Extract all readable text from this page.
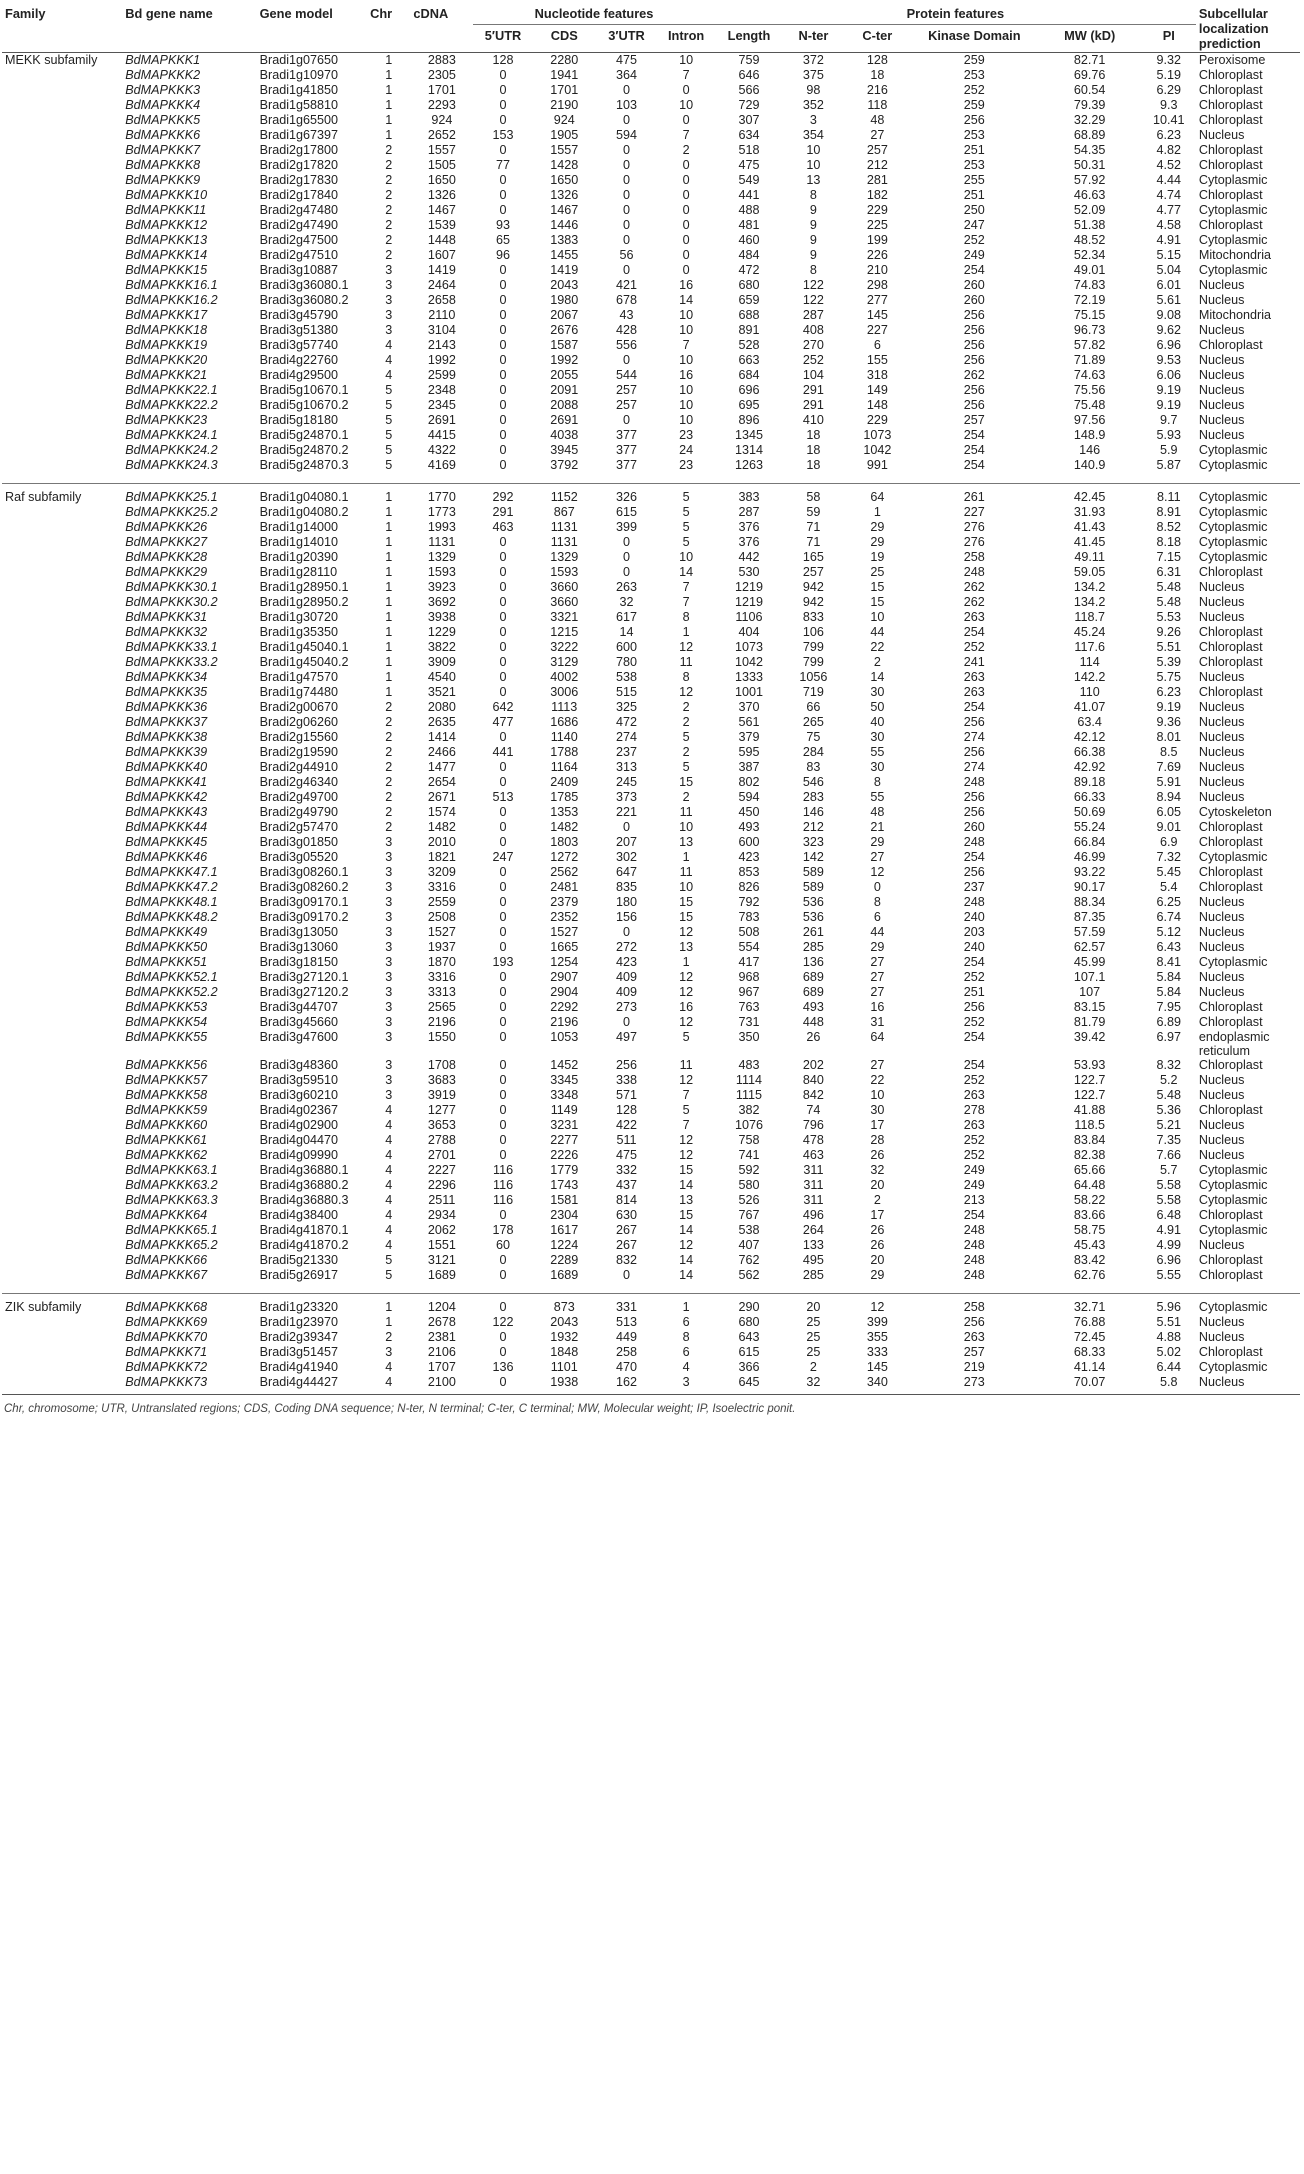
Family	Bd gene name	Gene model	Chr	cDNA	Nucleotide features				Protein features						Subcellular localization prediction
					5′UTR	CDS	3′UTR	Intron	Length	N-ter	C-ter	Kinase Domain	MW (kD)	PI	

MEKK subfamily	BdMAPKKK1	Bradi1g07650	1	2883	128	2280	475	10	759	372	128	259	82.71	9.32	Peroxisome
	BdMAPKKK2	Bradi1g10970	1	2305	0	1941	364	7	646	375	18	253	69.76	5.19	Chloroplast
	BdMAPKKK3	Bradi1g41850	1	1701	0	1701	0	0	566	98	216	252	60.54	6.29	Chloroplast
	BdMAPKKK4	Bradi1g58810	1	2293	0	2190	103	10	729	352	118	259	79.39	9.3	Chloroplast
	BdMAPKKK5	Bradi1g65500	1	924	0	924	0	0	307	3	48	256	32.29	10.41	Chloroplast
	BdMAPKKK6	Bradi1g67397	1	2652	153	1905	594	7	634	354	27	253	68.89	6.23	Nucleus
	BdMAPKKK7	Bradi2g17800	2	1557	0	1557	0	2	518	10	257	251	54.35	4.82	Chloroplast
	BdMAPKKK8	Bradi2g17820	2	1505	77	1428	0	0	475	10	212	253	50.31	4.52	Chloroplast
	BdMAPKKK9	Bradi2g17830	2	1650	0	1650	0	0	549	13	281	255	57.92	4.44	Cytoplasmic
	BdMAPKKK10	Bradi2g17840	2	1326	0	1326	0	0	441	8	182	251	46.63	4.74	Chloroplast
	BdMAPKKK11	Bradi2g47480	2	1467	0	1467	0	0	488	9	229	250	52.09	4.77	Cytoplasmic
	BdMAPKKK12	Bradi2g47490	2	1539	93	1446	0	0	481	9	225	247	51.38	4.58	Chloroplast
	BdMAPKKK13	Bradi2g47500	2	1448	65	1383	0	0	460	9	199	252	48.52	4.91	Cytoplasmic
	BdMAPKKK14	Bradi2g47510	2	1607	96	1455	56	0	484	9	226	249	52.34	5.15	Mitochondria
	BdMAPKKK15	Bradi3g10887	3	1419	0	1419	0	0	472	8	210	254	49.01	5.04	Cytoplasmic
	BdMAPKKK16.1	Bradi3g36080.1	3	2464	0	2043	421	16	680	122	298	260	74.83	6.01	Nucleus
	BdMAPKKK16.2	Bradi3g36080.2	3	2658	0	1980	678	14	659	122	277	260	72.19	5.61	Nucleus
	BdMAPKKK17	Bradi3g45790	3	2110	0	2067	43	10	688	287	145	256	75.15	9.08	Mitochondria
	BdMAPKKK18	Bradi3g51380	3	3104	0	2676	428	10	891	408	227	256	96.73	9.62	Nucleus
	BdMAPKKK19	Bradi3g57740	4	2143	0	1587	556	7	528	270	6	256	57.82	6.96	Chloroplast
	BdMAPKKK20	Bradi4g22760	4	1992	0	1992	0	10	663	252	155	256	71.89	9.53	Nucleus
	BdMAPKKK21	Bradi4g29500	4	2599	0	2055	544	16	684	104	318	262	74.63	6.06	Nucleus
	BdMAPKKK22.1	Bradi5g10670.1	5	2348	0	2091	257	10	696	291	149	256	75.56	9.19	Nucleus
	BdMAPKKK22.2	Bradi5g10670.2	5	2345	0	2088	257	10	695	291	148	256	75.48	9.19	Nucleus
	BdMAPKKK23	Bradi5g18180	5	2691	0	2691	0	10	896	410	229	257	97.56	9.7	Nucleus
	BdMAPKKK24.1	Bradi5g24870.1	5	4415	0	4038	377	23	1345	18	1073	254	148.9	5.93	Nucleus
	BdMAPKKK24.2	Bradi5g24870.2	5	4322	0	3945	377	24	1314	18	1042	254	146	5.9	Cytoplasmic
	BdMAPKKK24.3	Bradi5g24870.3	5	4169	0	3792	377	23	1263	18	991	254	140.9	5.87	Cytoplasmic

Raf subfamily	BdMAPKKK25.1	Bradi1g04080.1	1	1770	292	1152	326	5	383	58	64	261	42.45	8.11	Cytoplasmic
	BdMAPKKK25.2	Bradi1g04080.2	1	1773	291	867	615	5	287	59	1	227	31.93	8.91	Cytoplasmic
	BdMAPKKK26	Bradi1g14000	1	1993	463	1131	399	5	376	71	29	276	41.43	8.52	Cytoplasmic
	BdMAPKKK27	Bradi1g14010	1	1131	0	1131	0	5	376	71	29	276	41.45	8.18	Cytoplasmic
	BdMAPKKK28	Bradi1g20390	1	1329	0	1329	0	10	442	165	19	258	49.11	7.15	Cytoplasmic
	BdMAPKKK29	Bradi1g28110	1	1593	0	1593	0	14	530	257	25	248	59.05	6.31	Chloroplast
	BdMAPKKK30.1	Bradi1g28950.1	1	3923	0	3660	263	7	1219	942	15	262	134.2	5.48	Nucleus
	BdMAPKKK30.2	Bradi1g28950.2	1	3692	0	3660	32	7	1219	942	15	262	134.2	5.48	Nucleus
	BdMAPKKK31	Bradi1g30720	1	3938	0	3321	617	8	1106	833	10	263	118.7	5.53	Nucleus
	BdMAPKKK32	Bradi1g35350	1	1229	0	1215	14	1	404	106	44	254	45.24	9.26	Chloroplast
	BdMAPKKK33.1	Bradi1g45040.1	1	3822	0	3222	600	12	1073	799	22	252	117.6	5.51	Chloroplast
	BdMAPKKK33.2	Bradi1g45040.2	1	3909	0	3129	780	11	1042	799	2	241	114	5.39	Chloroplast
	BdMAPKKK34	Bradi1g47570	1	4540	0	4002	538	8	1333	1056	14	263	142.2	5.75	Nucleus
	BdMAPKKK35	Bradi1g74480	1	3521	0	3006	515	12	1001	719	30	263	110	6.23	Chloroplast
	BdMAPKKK36	Bradi2g00670	2	2080	642	1113	325	2	370	66	50	254	41.07	9.19	Nucleus
	BdMAPKKK37	Bradi2g06260	2	2635	477	1686	472	2	561	265	40	256	63.4	9.36	Nucleus
	BdMAPKKK38	Bradi2g15560	2	1414	0	1140	274	5	379	75	30	274	42.12	8.01	Nucleus
	BdMAPKKK39	Bradi2g19590	2	2466	441	1788	237	2	595	284	55	256	66.38	8.5	Nucleus
	BdMAPKKK40	Bradi2g44910	2	1477	0	1164	313	5	387	83	30	274	42.92	7.69	Nucleus
	BdMAPKKK41	Bradi2g46340	2	2654	0	2409	245	15	802	546	8	248	89.18	5.91	Nucleus
	BdMAPKKK42	Bradi2g49700	2	2671	513	1785	373	2	594	283	55	256	66.33	8.94	Nucleus
	BdMAPKKK43	Bradi2g49790	2	1574	0	1353	221	11	450	146	48	256	50.69	6.05	Cytoskeleton
	BdMAPKKK44	Bradi2g57470	2	1482	0	1482	0	10	493	212	21	260	55.24	9.01	Chloroplast
	BdMAPKKK45	Bradi3g01850	3	2010	0	1803	207	13	600	323	29	248	66.84	6.9	Chloroplast
	BdMAPKKK46	Bradi3g05520	3	1821	247	1272	302	1	423	142	27	254	46.99	7.32	Cytoplasmic
	BdMAPKKK47.1	Bradi3g08260.1	3	3209	0	2562	647	11	853	589	12	256	93.22	5.45	Chloroplast
	BdMAPKKK47.2	Bradi3g08260.2	3	3316	0	2481	835	10	826	589	0	237	90.17	5.4	Chloroplast
	BdMAPKKK48.1	Bradi3g09170.1	3	2559	0	2379	180	15	792	536	8	248	88.34	6.25	Nucleus
	BdMAPKKK48.2	Bradi3g09170.2	3	2508	0	2352	156	15	783	536	6	240	87.35	6.74	Nucleus
	BdMAPKKK49	Bradi3g13050	3	1527	0	1527	0	12	508	261	44	203	57.59	5.12	Nucleus
	BdMAPKKK50	Bradi3g13060	3	1937	0	1665	272	13	554	285	29	240	62.57	6.43	Nucleus
	BdMAPKKK51	Bradi3g18150	3	1870	193	1254	423	1	417	136	27	254	45.99	8.41	Cytoplasmic
	BdMAPKKK52.1	Bradi3g27120.1	3	3316	0	2907	409	12	968	689	27	252	107.1	5.84	Nucleus
	BdMAPKKK52.2	Bradi3g27120.2	3	3313	0	2904	409	12	967	689	27	251	107	5.84	Nucleus
	BdMAPKKK53	Bradi3g44707	3	2565	0	2292	273	16	763	493	16	256	83.15	7.95	Chloroplast
	BdMAPKKK54	Bradi3g45660	3	2196	0	2196	0	12	731	448	31	252	81.79	6.89	Chloroplast
	BdMAPKKK55	Bradi3g47600	3	1550	0	1053	497	5	350	26	64	254	39.42	6.97	endoplasmic reticulum
	BdMAPKKK56	Bradi3g48360	3	1708	0	1452	256	11	483	202	27	254	53.93	8.32	Chloroplast
	BdMAPKKK57	Bradi3g59510	3	3683	0	3345	338	12	1114	840	22	252	122.7	5.2	Nucleus
	BdMAPKKK58	Bradi3g60210	3	3919	0	3348	571	7	1115	842	10	263	122.7	5.48	Nucleus
	BdMAPKKK59	Bradi4g02367	4	1277	0	1149	128	5	382	74	30	278	41.88	5.36	Chloroplast
	BdMAPKKK60	Bradi4g02900	4	3653	0	3231	422	7	1076	796	17	263	118.5	5.21	Nucleus
	BdMAPKKK61	Bradi4g04470	4	2788	0	2277	511	12	758	478	28	252	83.84	7.35	Nucleus
	BdMAPKKK62	Bradi4g09990	4	2701	0	2226	475	12	741	463	26	252	82.38	7.66	Nucleus
	BdMAPKKK63.1	Bradi4g36880.1	4	2227	116	1779	332	15	592	311	32	249	65.66	5.7	Cytoplasmic
	BdMAPKKK63.2	Bradi4g36880.2	4	2296	116	1743	437	14	580	311	20	249	64.48	5.58	Cytoplasmic
	BdMAPKKK63.3	Bradi4g36880.3	4	2511	116	1581	814	13	526	311	2	213	58.22	5.58	Cytoplasmic
	BdMAPKKK64	Bradi4g38400	4	2934	0	2304	630	15	767	496	17	254	83.66	6.48	Chloroplast
	BdMAPKKK65.1	Bradi4g41870.1	4	2062	178	1617	267	14	538	264	26	248	58.75	4.91	Cytoplasmic
	BdMAPKKK65.2	Bradi4g41870.2	4	1551	60	1224	267	12	407	133	26	248	45.43	4.99	Nucleus
	BdMAPKKK66	Bradi5g21330	5	3121	0	2289	832	14	762	495	20	248	83.42	6.96	Chloroplast
	BdMAPKKK67	Bradi5g26917	5	1689	0	1689	0	14	562	285	29	248	62.76	5.55	Chloroplast

ZIK subfamily	BdMAPKKK68	Bradi1g23320	1	1204	0	873	331	1	290	20	12	258	32.71	5.96	Cytoplasmic
	BdMAPKKK69	Bradi1g23970	1	2678	122	2043	513	6	680	25	399	256	76.88	5.51	Nucleus
	BdMAPKKK70	Bradi2g39347	2	2381	0	1932	449	8	643	25	355	263	72.45	4.88	Nucleus
	BdMAPKKK71	Bradi3g51457	3	2106	0	1848	258	6	615	25	333	257	68.33	5.02	Chloroplast
	BdMAPKKK72	Bradi4g41940	4	1707	136	1101	470	4	366	2	145	219	41.14	6.44	Cytoplasmic
	BdMAPKKK73	Bradi4g44427	4	2100	0	1938	162	3	645	32	340	273	70.07	5.8	Nucleus

Chr, chromosome; UTR, Untranslated regions; CDS, Coding DNA sequence; N-ter, N terminal; C-ter, C terminal; MW, Molecular weight; IP, Isoelectric ponit.
